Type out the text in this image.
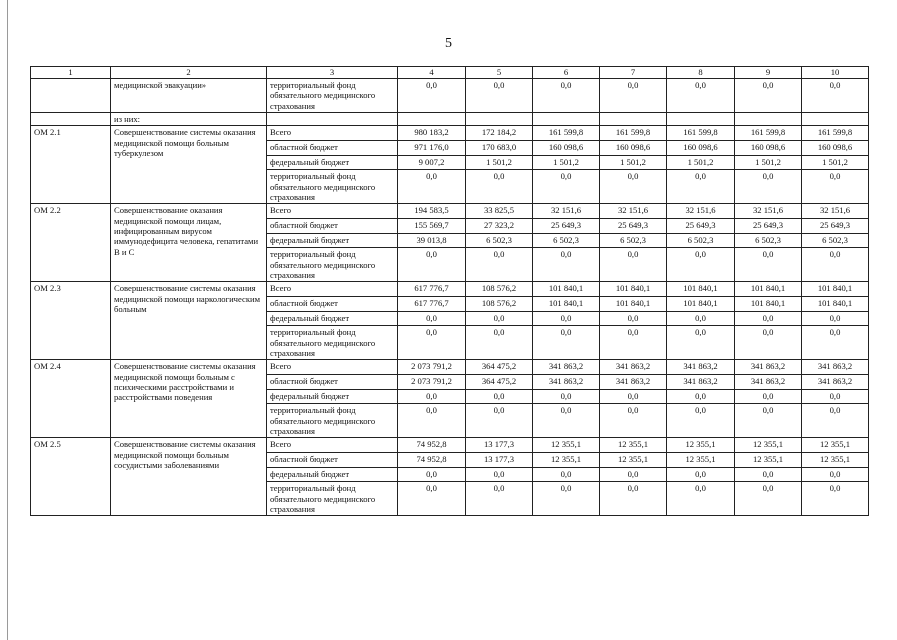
5
1	2	3	4	5	6	7	8	9	10
	медицинской эвакуации»	территориальный фонд обязательного медицинского страхования	0,0	0,0	0,0	0,0	0,0	0,0	0,0
	из них:								
ОМ 2.1	Совершенствование системы оказания медицинской помощи больным туберкулезом	Всего	980 183,2	172 184,2	161 599,8	161 599,8	161 599,8	161 599,8	161 599,8
		областной бюджет	971 176,0	170 683,0	160 098,6	160 098,6	160 098,6	160 098,6	160 098,6
		федеральный бюджет	9 007,2	1 501,2	1 501,2	1 501,2	1 501,2	1 501,2	1 501,2
		территориальный фонд обязательного медицинского страхования	0,0	0,0	0,0	0,0	0,0	0,0	0,0
ОМ 2.2	Совершенствование оказания медицинской помощи лицам, инфицированным вирусом иммунодефицита человека, гепатитами В и С	Всего	194 583,5	33 825,5	32 151,6	32 151,6	32 151,6	32 151,6	32 151,6
		областной бюджет	155 569,7	27 323,2	25 649,3	25 649,3	25 649,3	25 649,3	25 649,3
		федеральный бюджет	39 013,8	6 502,3	6 502,3	6 502,3	6 502,3	6 502,3	6 502,3
		территориальный фонд обязательного медицинского страхования	0,0	0,0	0,0	0,0	0,0	0,0	0,0
ОМ 2.3	Совершенствование системы оказания медицинской помощи наркологическим больным	Всего	617 776,7	108 576,2	101 840,1	101 840,1	101 840,1	101 840,1	101 840,1
		областной бюджет	617 776,7	108 576,2	101 840,1	101 840,1	101 840,1	101 840,1	101 840,1
		федеральный бюджет	0,0	0,0	0,0	0,0	0,0	0,0	0,0
		территориальный фонд обязательного медицинского страхования	0,0	0,0	0,0	0,0	0,0	0,0	0,0
ОМ 2.4	Совершенствование системы оказания медицинской помощи больным с психическими расстройствами и расстройствами поведения	Всего	2 073 791,2	364 475,2	341 863,2	341 863,2	341 863,2	341 863,2	341 863,2
		областной бюджет	2 073 791,2	364 475,2	341 863,2	341 863,2	341 863,2	341 863,2	341 863,2
		федеральный бюджет	0,0	0,0	0,0	0,0	0,0	0,0	0,0
		территориальный фонд обязательного медицинского страхования	0,0	0,0	0,0	0,0	0,0	0,0	0,0
ОМ 2.5	Совершенствование системы оказания медицинской помощи больным сосудистыми заболеваниями	Всего	74 952,8	13 177,3	12 355,1	12 355,1	12 355,1	12 355,1	12 355,1
		областной бюджет	74 952,8	13 177,3	12 355,1	12 355,1	12 355,1	12 355,1	12 355,1
		федеральный бюджет	0,0	0,0	0,0	0,0	0,0	0,0	0,0
		территориальный фонд обязательного медицинского страхования	0,0	0,0	0,0	0,0	0,0	0,0	0,0
